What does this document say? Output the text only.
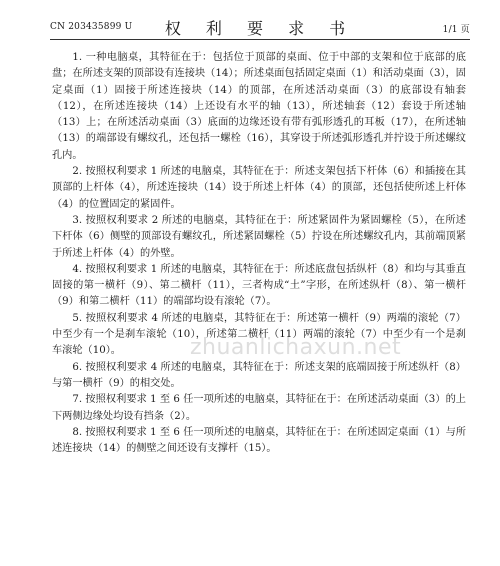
CN 203435899 U	权 利 要 求 书	1/1 页

1. 一种电脑桌，其特征在于：包括位于顶部的桌面、位于中部的支架和位于底部的底盘；在所述支架的顶部设有连接块（14）；所述桌面包括固定桌面（1）和活动桌面（3），固定桌面（1）固接于所述连接块（14）的顶部，在所述活动桌面（3）的底部设有轴套（12），在所述连接块（14）上还设有水平的轴（13），所述轴套（12）套设于所述轴（13）上；在所述活动桌面（3）底面的边缘还设有带有弧形透孔的耳板（17），在所述轴（13）的端部设有螺纹孔，还包括一螺栓（16），其穿设于所述弧形透孔并拧设于所述螺纹孔内。

2. 按照权利要求 1 所述的电脑桌，其特征在于：所述支架包括下杆体（6）和插接在其顶部的上杆体（4），所述连接块（14）设于所述上杆体（4）的顶部，还包括使所述上杆体（4）的位置固定的紧固件。

3. 按照权利要求 2 所述的电脑桌，其特征在于：所述紧固件为紧固螺栓（5），在所述下杆体（6）侧壁的顶部设有螺纹孔，所述紧固螺栓（5）拧设在所述螺纹孔内，其前端顶紧于所述上杆体（4）的外壁。

4. 按照权利要求 1 所述的电脑桌，其特征在于：所述底盘包括纵杆（8）和均与其垂直固接的第一横杆（9）、第二横杆（11），三者构成“土”字形，在所述纵杆（8）、第一横杆（9）和第二横杆（11）的端部均设有滚轮（7）。

5. 按照权利要求 4 所述的电脑桌，其特征在于：所述第一横杆（9）两端的滚轮（7）中至少有一个是刹车滚轮（10），所述第二横杆（11）两端的滚轮（7）中至少有一个是刹车滚轮（10）。

6. 按照权利要求 4 所述的电脑桌，其特征在于：所述支架的底端固接于所述纵杆（8）与第一横杆（9）的相交处。

7. 按照权利要求 1 至 6 任一项所述的电脑桌，其特征在于：在所述活动桌面（3）的上下两侧边缘处均设有挡条（2）。

8. 按照权利要求 1 至 6 任一项所述的电脑桌，其特征在于：在所述固定桌面（1）与所述连接块（14）的侧壁之间还设有支撑杆（15）。

zhuanlichaxun.net
